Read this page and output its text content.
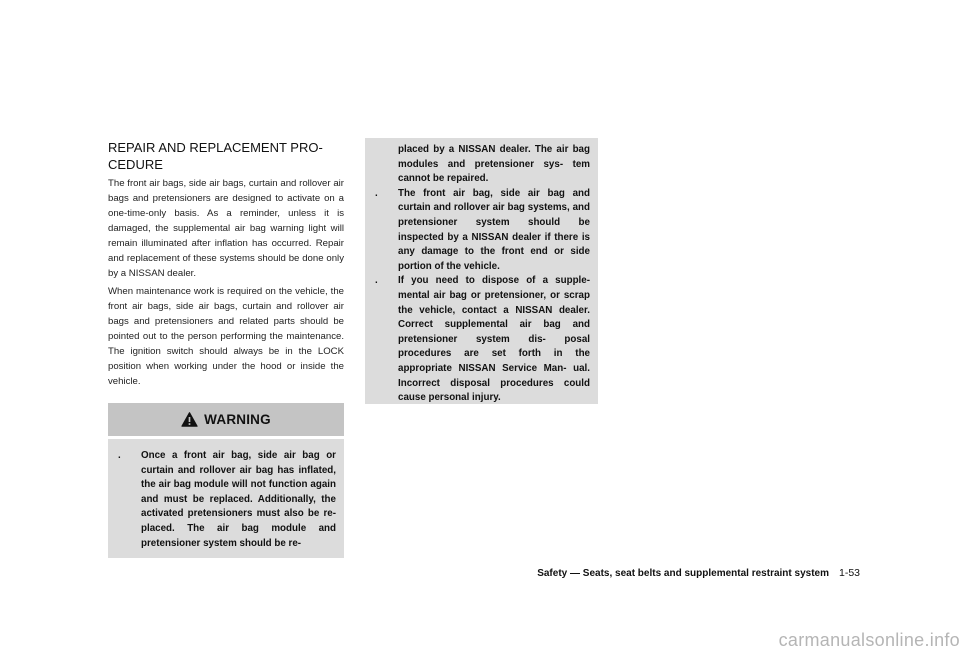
REPAIR AND REPLACEMENT PRO-
CEDURE

The front air bags, side air bags, curtain and rollover air bags and pretensioners are designed to activate on a one-time-only basis. As a reminder, unless it is damaged, the supplemental air bag warning light will remain illuminated after inflation has occurred. Repair and replacement of these systems should be done only by a NISSAN dealer.

When maintenance work is required on the vehicle, the front air bags, side air bags, curtain and rollover air bags and pretensioners and related parts should be pointed out to the person performing the maintenance. The ignition switch should always be in the LOCK position when working under the hood or inside the vehicle.

WARNING
.	Once a front air bag, side air bag or curtain and rollover air bag has inflated, the air bag module will not function again and must be replaced. Additionally, the activated pretensioners must also be re- placed. The air bag module and pretensioner system should be re-
placed by a NISSAN dealer. The air bag modules and pretensioner sys- tem cannot be repaired.
.	The front air bag, side air bag and curtain and rollover air bag systems, and pretensioner system should be inspected by a NISSAN dealer if there is any damage to the front end or side portion of the vehicle.
.	If you need to dispose of a supple- mental air bag or pretensioner, or scrap the vehicle, contact a NISSAN dealer. Correct supplemental air bag and pretensioner system dis- posal procedures are set forth in the appropriate NISSAN Service Man- ual. Incorrect disposal procedures could cause personal injury.
Safety — Seats, seat belts and supplemental restraint system 1-53
carmanualsonline.info
